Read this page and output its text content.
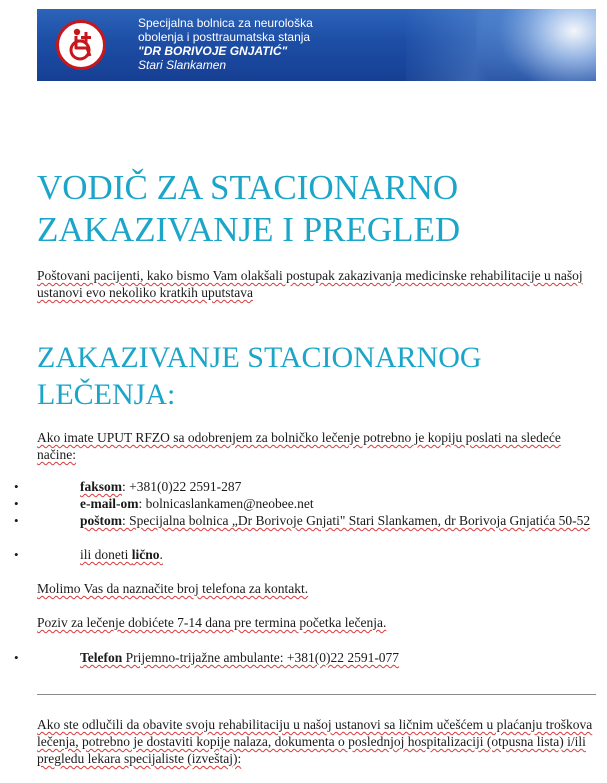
Specijalna bolnica za neurološka
obolenja i posttraumatska stanja
"DR BORIVOJE GNJATIĆ"
Stari Slankamen
VODIČ ZA STACIONARNO ZAKAZIVANJE I PREGLED

Poštovani pacijenti, kako bismo Vam olakšali postupak zakazivanja medicinske rehabilitacije u našoj ustanovi evo nekoliko kratkih uputstava

ZAKAZIVANJE STACIONARNOG LEČENJA:

Ako imate UPUT RFZO sa odobrenjem za bolničko lečenje potrebno je kopiju poslati na sledeće načine:

•	faksom: +381(0)22 2591-287
•	e-mail-om: bolnicaslankamen@neobee.net
•	poštom: Specijalna bolnica „Dr Borivoje Gnjati" Stari Slankamen, dr Borivoja Gnjatića 50-52
•	ili doneti lično.

Molimo Vas da naznačite broj telefona za kontakt.

Poziv za lečenje dobićete 7-14 dana pre termina početka lečenja.

•	Telefon Prijemno-trijažne ambulante: +381(0)22 2591-077

Ako ste odlučili da obavite svoju rehabilitaciju u našoj ustanovi sa ličnim učešćem u plaćanju troškova lečenja, potrebno je dostaviti kopije nalaza, dokumenta o poslednjoj hospitalizaciji (otpusna lista) i/ili pregledu lekara specijaliste (izveštaj):
